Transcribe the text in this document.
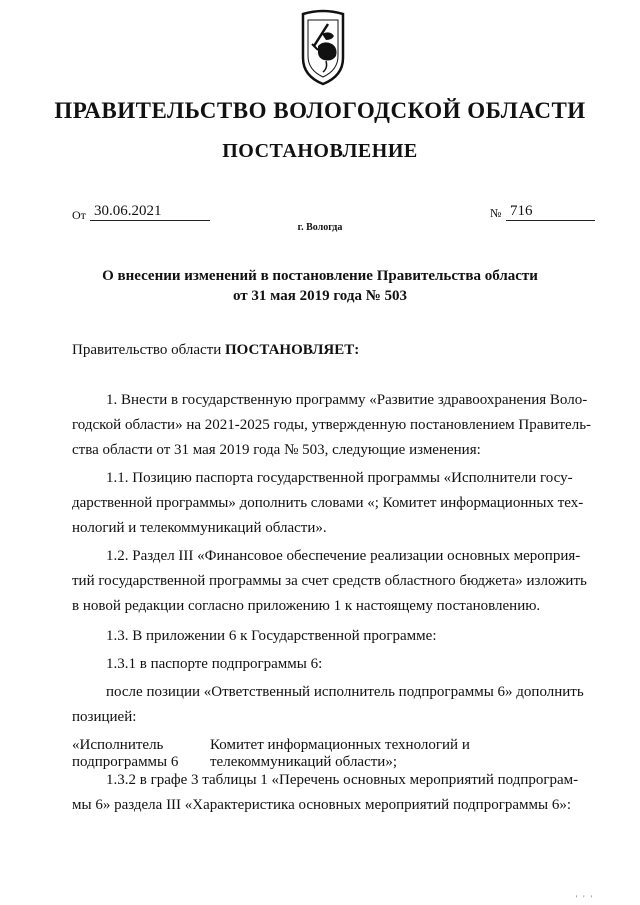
ПРАВИТЕЛЬСТВО ВОЛОГОДСКОЙ ОБЛАСТИ
ПОСТАНОВЛЕНИЕ
От 30.06.2021	№ 716
г. Вологда
О внесении изменений в постановление Правительства области
от 31 мая 2019 года № 503

Правительство области ПОСТАНОВЛЯЕТ:

1. Внести в государственную программу «Развитие здравоохранения Воло-
годской области» на 2021-2025 годы, утвержденную постановлением Правитель-
ства области от 31 мая 2019 года № 503, следующие изменения:
1.1. Позицию паспорта государственной программы «Исполнители госу-
дарственной программы» дополнить словами «; Комитет информационных тех-
нологий и телекоммуникаций области».
1.2. Раздел III «Финансовое обеспечение реализации основных мероприя-
тий государственной программы за счет средств областного бюджета» изложить
в новой редакции согласно приложению 1 к настоящему постановлению.
1.3. В приложении 6 к Государственной программе:
1.3.1 в паспорте подпрограммы 6:
после позиции «Ответственный исполнитель подпрограммы 6» дополнить
позицией:
«Исполнитель
подпрограммы 6
Комитет информационных технологий и
телекоммуникаций области»;
1.3.2 в графе 3 таблицы 1 «Перечень основных мероприятий подпрограм-
мы 6» раздела III «Характеристика основных мероприятий подпрограммы 6»:
' ' '
